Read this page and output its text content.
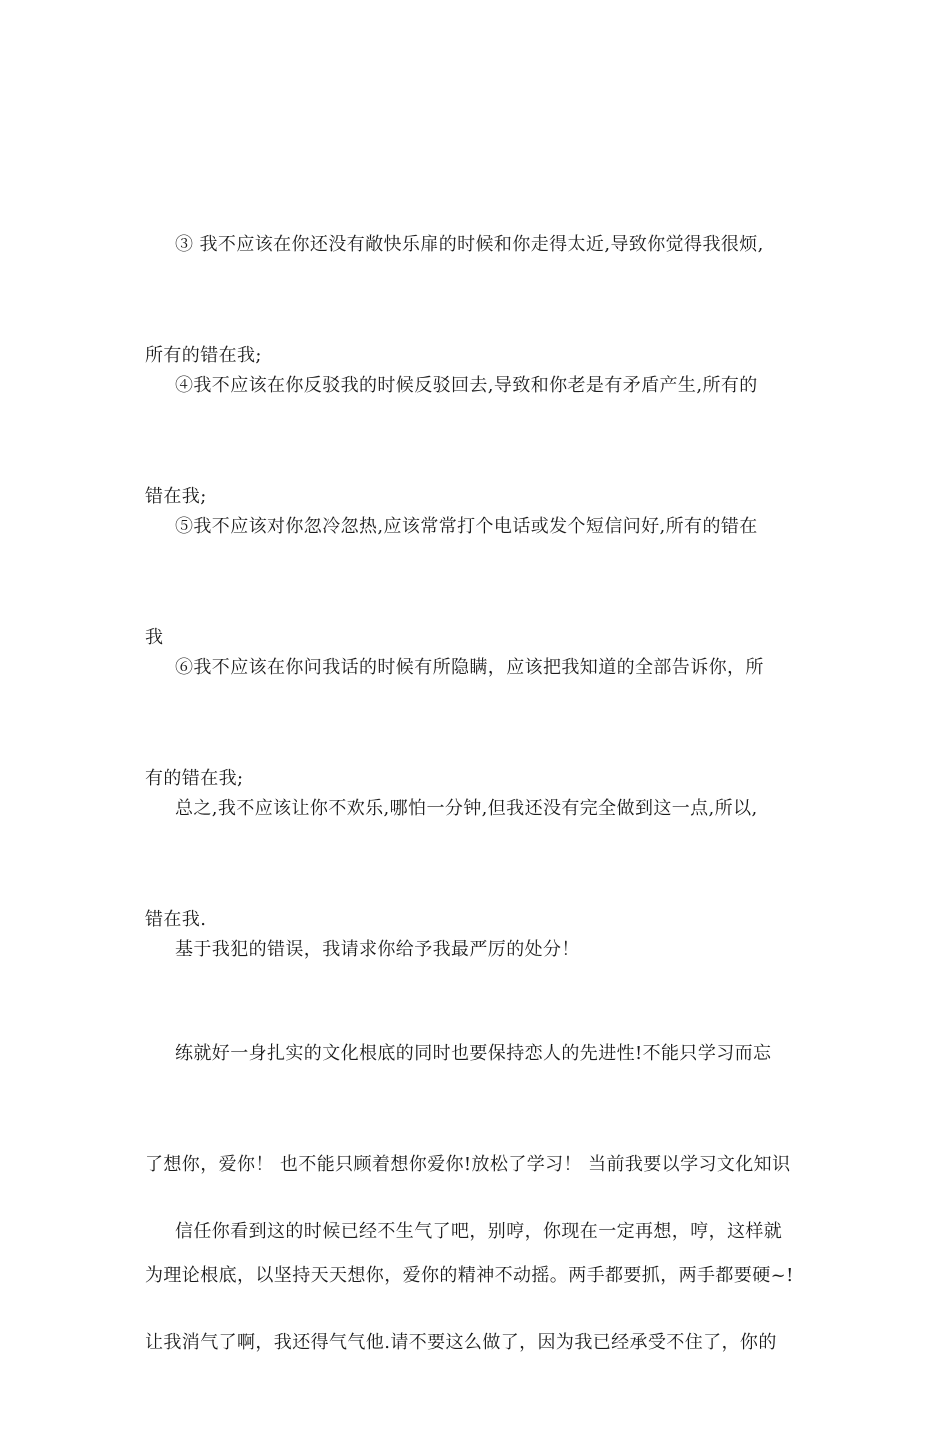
③ 我不应该在你还没有敞快乐扉的时候和你走得太近,导致你觉得我很烦,

所有的错在我;

④我不应该在你反驳我的时候反驳回去,导致和你老是有矛盾产生,所有的

错在我;

⑤我不应该对你忽冷忽热,应该常常打个电话或发个短信问好,所有的错在

我

⑥我不应该在你问我话的时候有所隐瞒，应该把我知道的全部告诉你，所

有的错在我;

总之,我不应该让你不欢乐,哪怕一分钟,但我还没有完全做到这一点,所以,

错在我.

基于我犯的错误，我请求你给予我最严厉的处分！

练就好一身扎实的文化根底的同时也要保持恋人的先进性!不能只学习而忘

了想你，爱你！ 也不能只顾着想你爱你!放松了学习！ 当前我要以学习文化知识

为理论根底，以坚持天天想你，爱你的精神不动摇。两手都要抓，两手都要硬~!

信任你看到这的时候已经不生气了吧，别哼，你现在一定再想，哼，这样就

让我消气了啊，我还得气气他.请不要这么做了，因为我已经承受不住了，你的
